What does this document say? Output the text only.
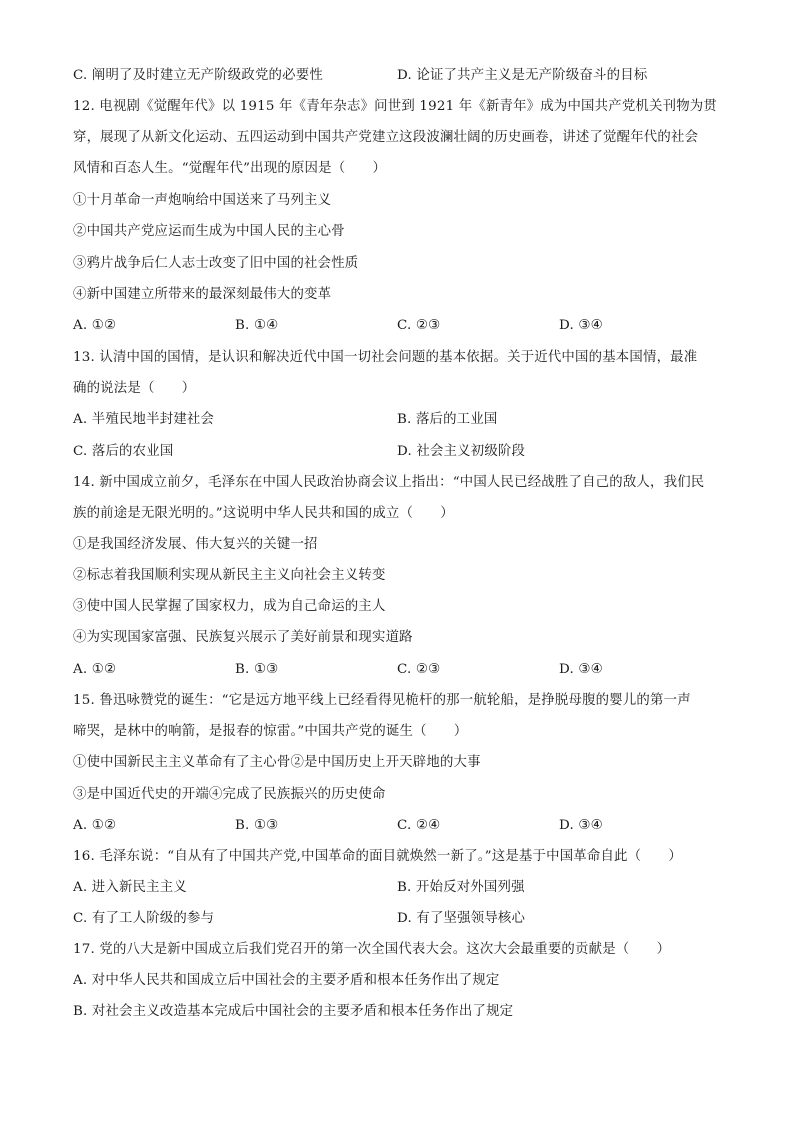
C. 阐明了及时建立无产阶级政党的必要性	D. 论证了共产主义是无产阶级奋斗的目标
12. 电视剧《觉醒年代》以 1915 年《青年杂志》问世到 1921 年《新青年》成为中国共产党机关刊物为贯
穿，展现了从新文化运动、五四运动到中国共产党建立这段波澜壮阔的历史画卷，讲述了觉醒年代的社会
风情和百态人生。“觉醒年代”出现的原因是（　　）
①十月革命一声炮响给中国送来了马列主义
②中国共产党应运而生成为中国人民的主心骨
③鸦片战争后仁人志士改变了旧中国的社会性质
④新中国建立所带来的最深刻最伟大的变革
A. ①②	B. ①④	C. ②③	D. ③④
13. 认清中国的国情，是认识和解决近代中国一切社会问题的基本依据。关于近代中国的基本国情，最准
确的说法是（　　）
A. 半殖民地半封建社会	B. 落后的工业国
C. 落后的农业国	D. 社会主义初级阶段
14. 新中国成立前夕，毛泽东在中国人民政治协商会议上指出：“中国人民已经战胜了自己的敌人，我们民
族的前途是无限光明的。”这说明中华人民共和国的成立（　　）
①是我国经济发展、伟大复兴的关键一招
②标志着我国顺利实现从新民主主义向社会主义转变
③使中国人民掌握了国家权力，成为自己命运的主人
④为实现国家富强、民族复兴展示了美好前景和现实道路
A. ①②	B. ①③	C. ②③	D. ③④
15. 鲁迅咏赞党的诞生：“它是远方地平线上已经看得见桅杆的那一航轮船，是挣脱母腹的婴儿的第一声
啼哭，是林中的响箭，是报春的惊雷。”中国共产党的诞生（　　）
①使中国新民主主义革命有了主心骨②是中国历史上开天辟地的大事
③是中国近代史的开端④完成了民族振兴的历史使命
A. ①②	B. ①③	C. ②④	D. ③④
16. 毛泽东说：“自从有了中国共产党,中国革命的面目就焕然一新了。”这是基于中国革命自此（　　）
A. 进入新民主主义	B. 开始反对外国列强
C. 有了工人阶级的参与	D. 有了坚强领导核心
17. 党的八大是新中国成立后我们党召开的第一次全国代表大会。这次大会最重要的贡献是（　　）
A. 对中华人民共和国成立后中国社会的主要矛盾和根本任务作出了规定
B. 对社会主义改造基本完成后中国社会的主要矛盾和根本任务作出了规定
